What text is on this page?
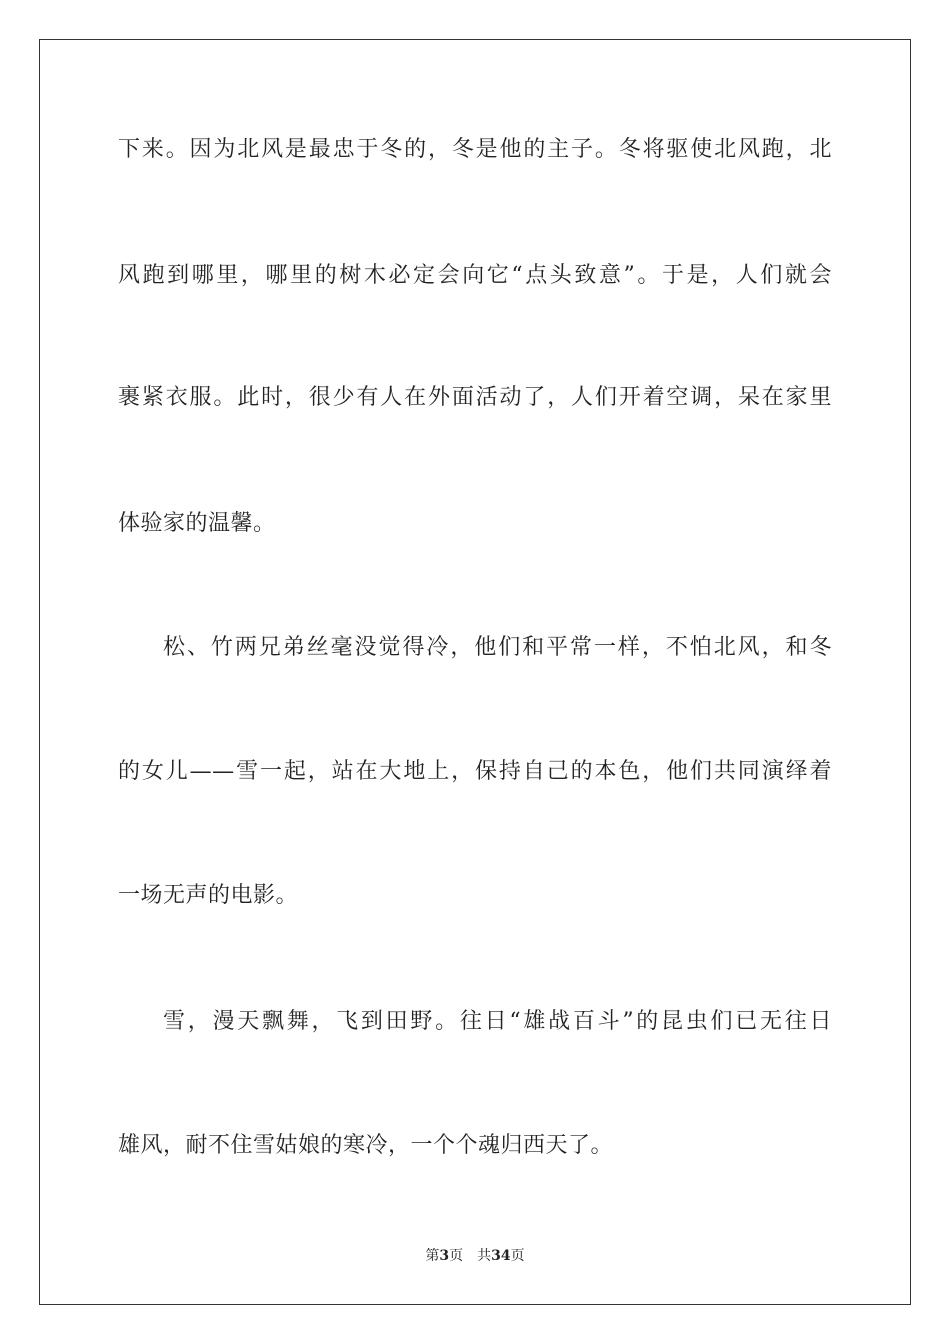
下来。因为北风是最忠于冬的，冬是他的主子。冬将驱使北风跑，北
风跑到哪里，哪里的树木必定会向它“点头致意”。于是，人们就会
裹紧衣服。此时，很少有人在外面活动了，人们开着空调，呆在家里
体验家的温馨。
松、竹两兄弟丝毫没觉得冷，他们和平常一样，不怕北风，和冬
的女儿——雪一起，站在大地上，保持自己的本色，他们共同演绎着
一场无声的电影。
雪，漫天飘舞，飞到田野。往日“雄战百斗”的昆虫们已无往日
雄风，耐不住雪姑娘的寒冷，一个个魂归西天了。
第3页 共34页
